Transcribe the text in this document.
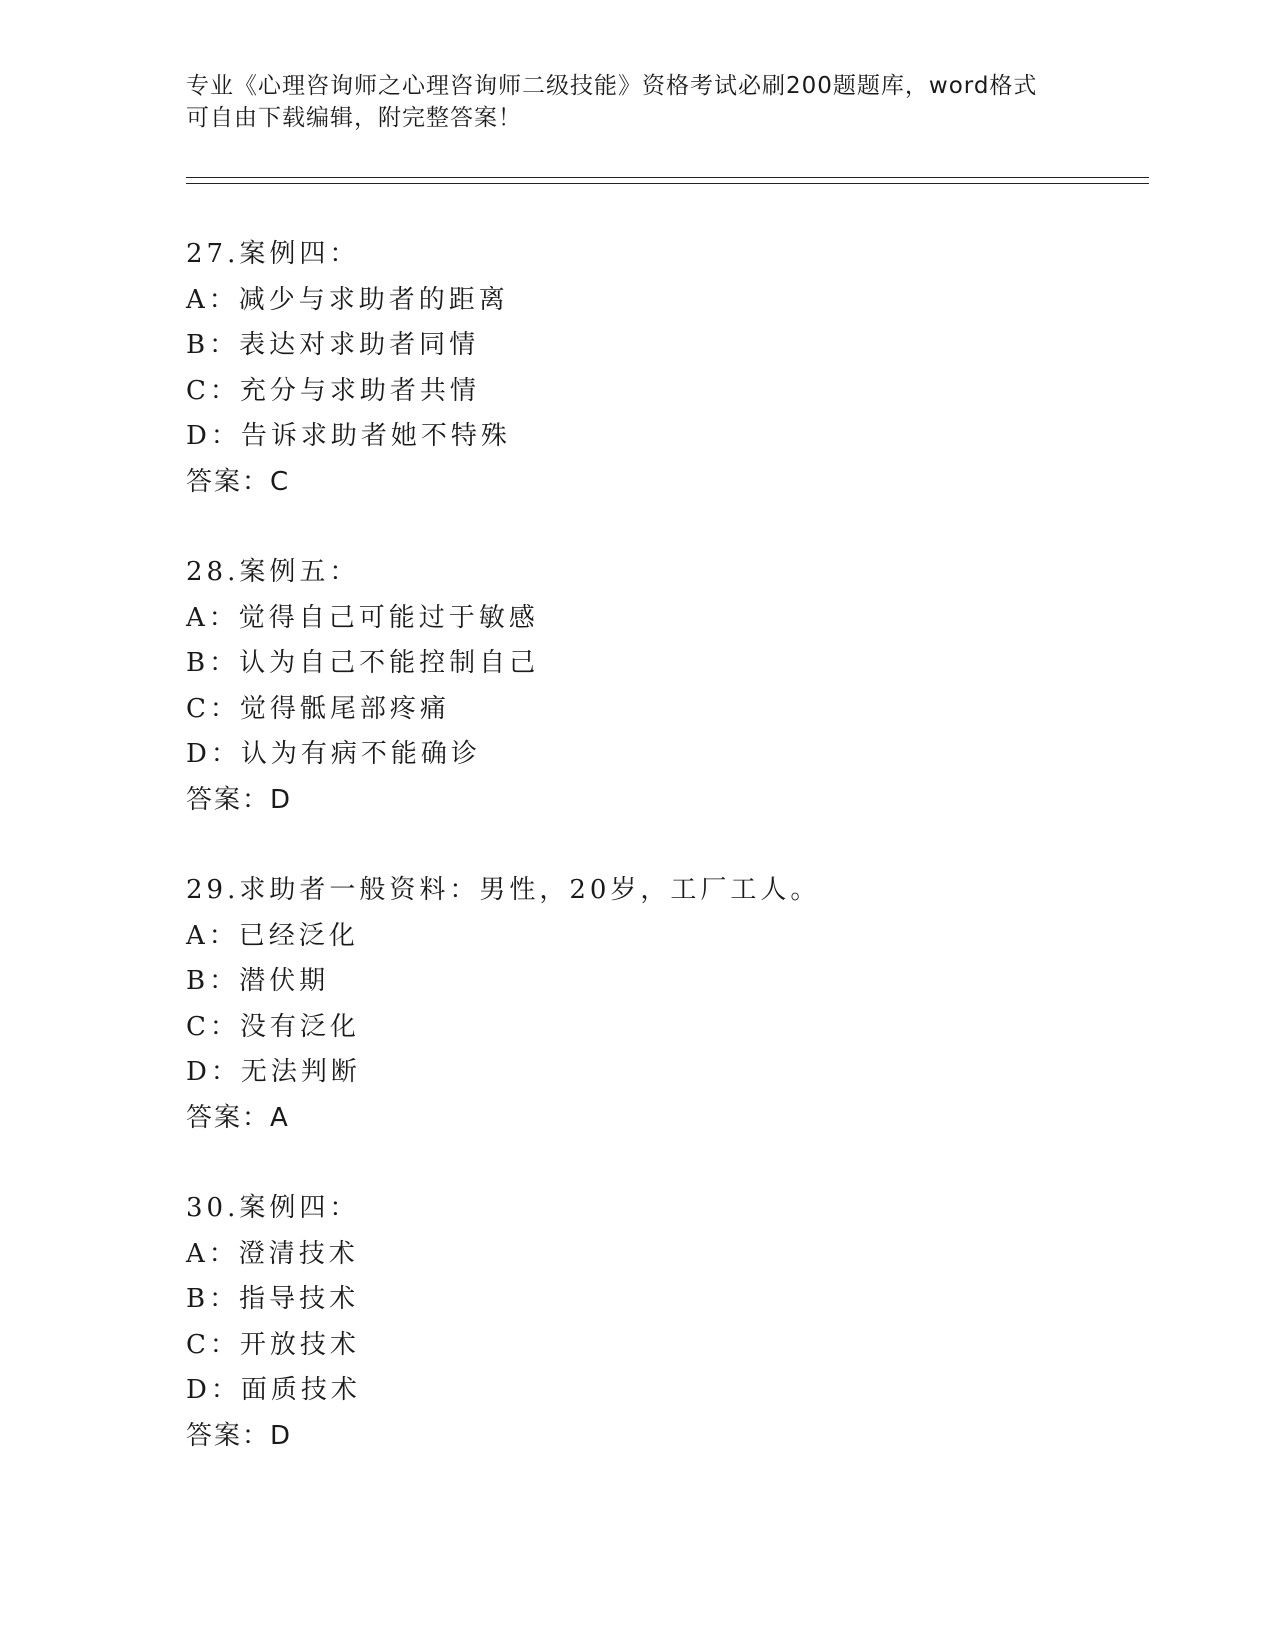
专业《心理咨询师之心理咨询师二级技能》资格考试必刷200题题库，word格式
可自由下载编辑，附完整答案！
27.案例四：
A：减少与求助者的距离
B：表达对求助者同情
C：充分与求助者共情
D：告诉求助者她不特殊
答案：C
28.案例五：
A：觉得自己可能过于敏感
B：认为自己不能控制自己
C：觉得骶尾部疼痛
D：认为有病不能确诊
答案：D
29.求助者一般资料：男性，20岁，工厂工人。
A：已经泛化
B：潜伏期
C：没有泛化
D：无法判断
答案：A
30.案例四：
A：澄清技术
B：指导技术
C：开放技术
D：面质技术
答案：D
